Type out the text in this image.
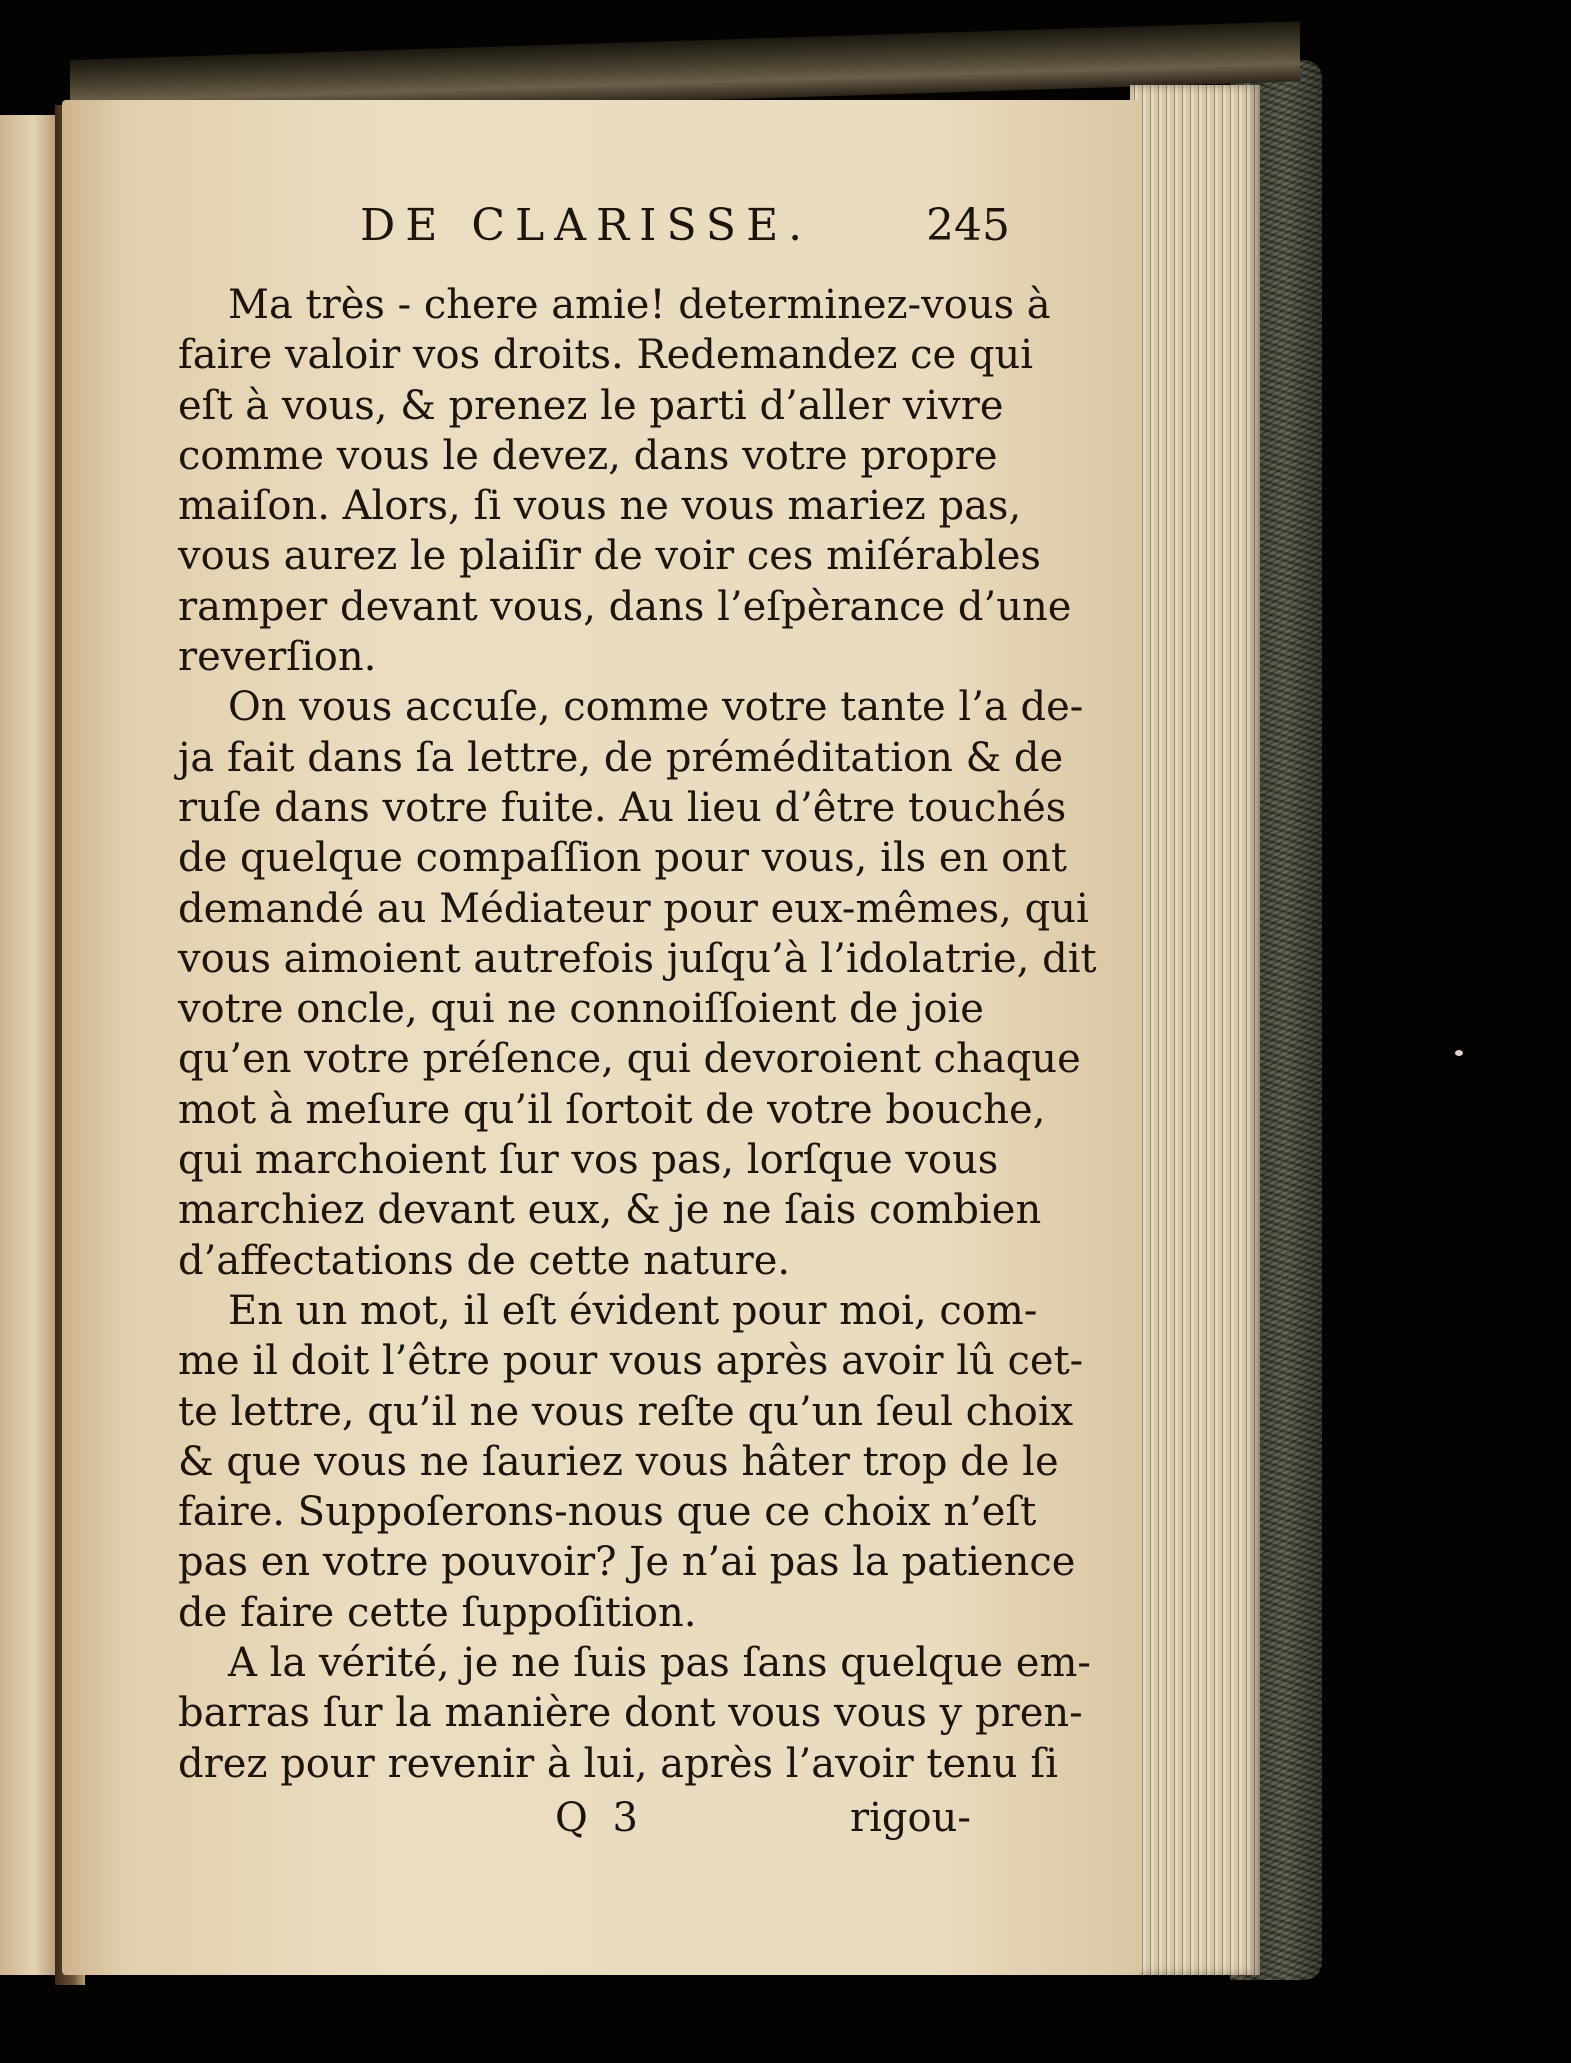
DE CLARISSE.	245
Ma très - chere amie! determinez-vous à
faire valoir vos droits. Redemandez ce qui
eſt à vous, & prenez le parti d’aller vivre
comme vous le devez, dans votre propre
maiſon. Alors, ſi vous ne vous mariez pas,
vous aurez le plaiſir de voir ces miſérables
ramper devant vous, dans l’eſpèrance d’une
reverſion.
On vous accuſe, comme votre tante l’a de-
ja fait dans ſa lettre, de préméditation & de
ruſe dans votre fuite. Au lieu d’être touchés
de quelque compaſſion pour vous, ils en ont
demandé au Médiateur pour eux-mêmes, qui
vous aimoient autrefois juſqu’à l’idolatrie, dit
votre oncle, qui ne connoiſſoient de joie
qu’en votre préſence, qui devoroient chaque
mot à meſure qu’il ſortoit de votre bouche,
qui marchoient ſur vos pas, lorſque vous
marchiez devant eux, & je ne ſais combien
d’affectations de cette nature.
En un mot, il eſt évident pour moi, com-
me il doit l’être pour vous après avoir lû cet-
te lettre, qu’il ne vous reſte qu’un ſeul choix
& que vous ne ſauriez vous hâter trop de le
faire. Suppoſerons-nous que ce choix n’eſt
pas en votre pouvoir? Je n’ai pas la patience
de faire cette ſuppoſition.
A la vérité, je ne ſuis pas ſans quelque em-
barras ſur la manière dont vous vous y pren-
drez pour revenir à lui, après l’avoir tenu ſi
Q 3	rigou-
